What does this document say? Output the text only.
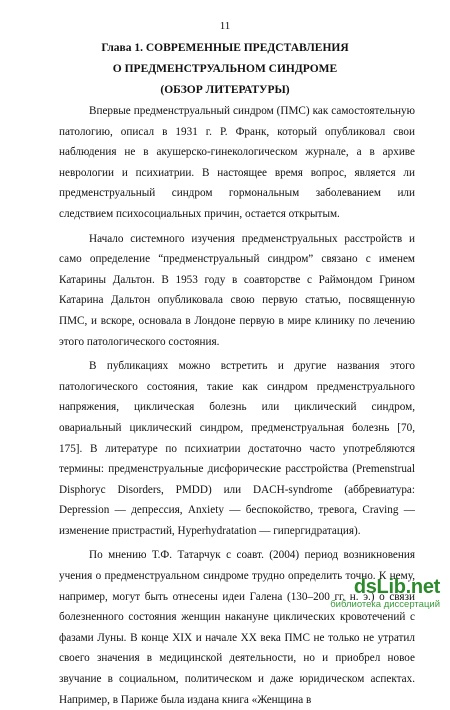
11
Глава 1. СОВРЕМЕННЫЕ ПРЕДСТАВЛЕНИЯ
О ПРЕДМЕНСТРУАЛЬНОМ СИНДРОМЕ
(ОБЗОР ЛИТЕРАТУРЫ)

Впервые предменструальный синдром (ПМС) как самостоятельную патологию, описал в 1931 г. Р. Франк, который опубликовал свои наблюдения не в акушерско-гинекологическом журнале, а в архиве неврологии и психиатрии. В настоящее время вопрос, является ли предменструальный синдром гормональным заболеванием или следствием психосоциальных причин, остается открытым.

Начало системного изучения предменструальных расстройств и само определение “предменструальный синдром” связано с именем Катарины Дальтон. В 1953 году в соавторстве с Раймондом Грином Катарина Дальтон опубликовала свою первую статью, посвященную ПМС, и вскоре, основала в Лондоне первую в мире клинику по лечению этого патологического состояния.

В публикациях можно встретить и другие названия этого патологического состояния, такие как синдром предменструального напряжения, циклическая болезнь или циклический синдром, овариальный циклический синдром, предменструальная болезнь [70, 175]. В литературе по психиатрии достаточно часто употребляются термины: предменструальные дисфорические расстройства (Premenstrual Disphoryc Disorders, PMDD) или DACH-syndrome (аббревиатура: Depression — депрессия, Anxiety — беспокойство, тревога, Craving — изменение пристрастий, Hyperhydratation — гипергидратация).

По мнению Т.Ф. Татарчук с соавт. (2004) период возникновения учения о предменструальном синдроме трудно определить точно. К нему, например, могут быть отнесены идеи Галена (130–200 гг. н. э.) о связи болезненного состояния женщин накануне циклических кровотечений с фазами Луны. В конце XIX и начале XX века ПМС не только не утратил своего значения в медицинской деятельности, но и приобрел новое звучание в социальном, политическом и даже юридическом аспектах. Например, в Париже была издана книга «Женщина в

dsLib.net
библиотека диссертаций
